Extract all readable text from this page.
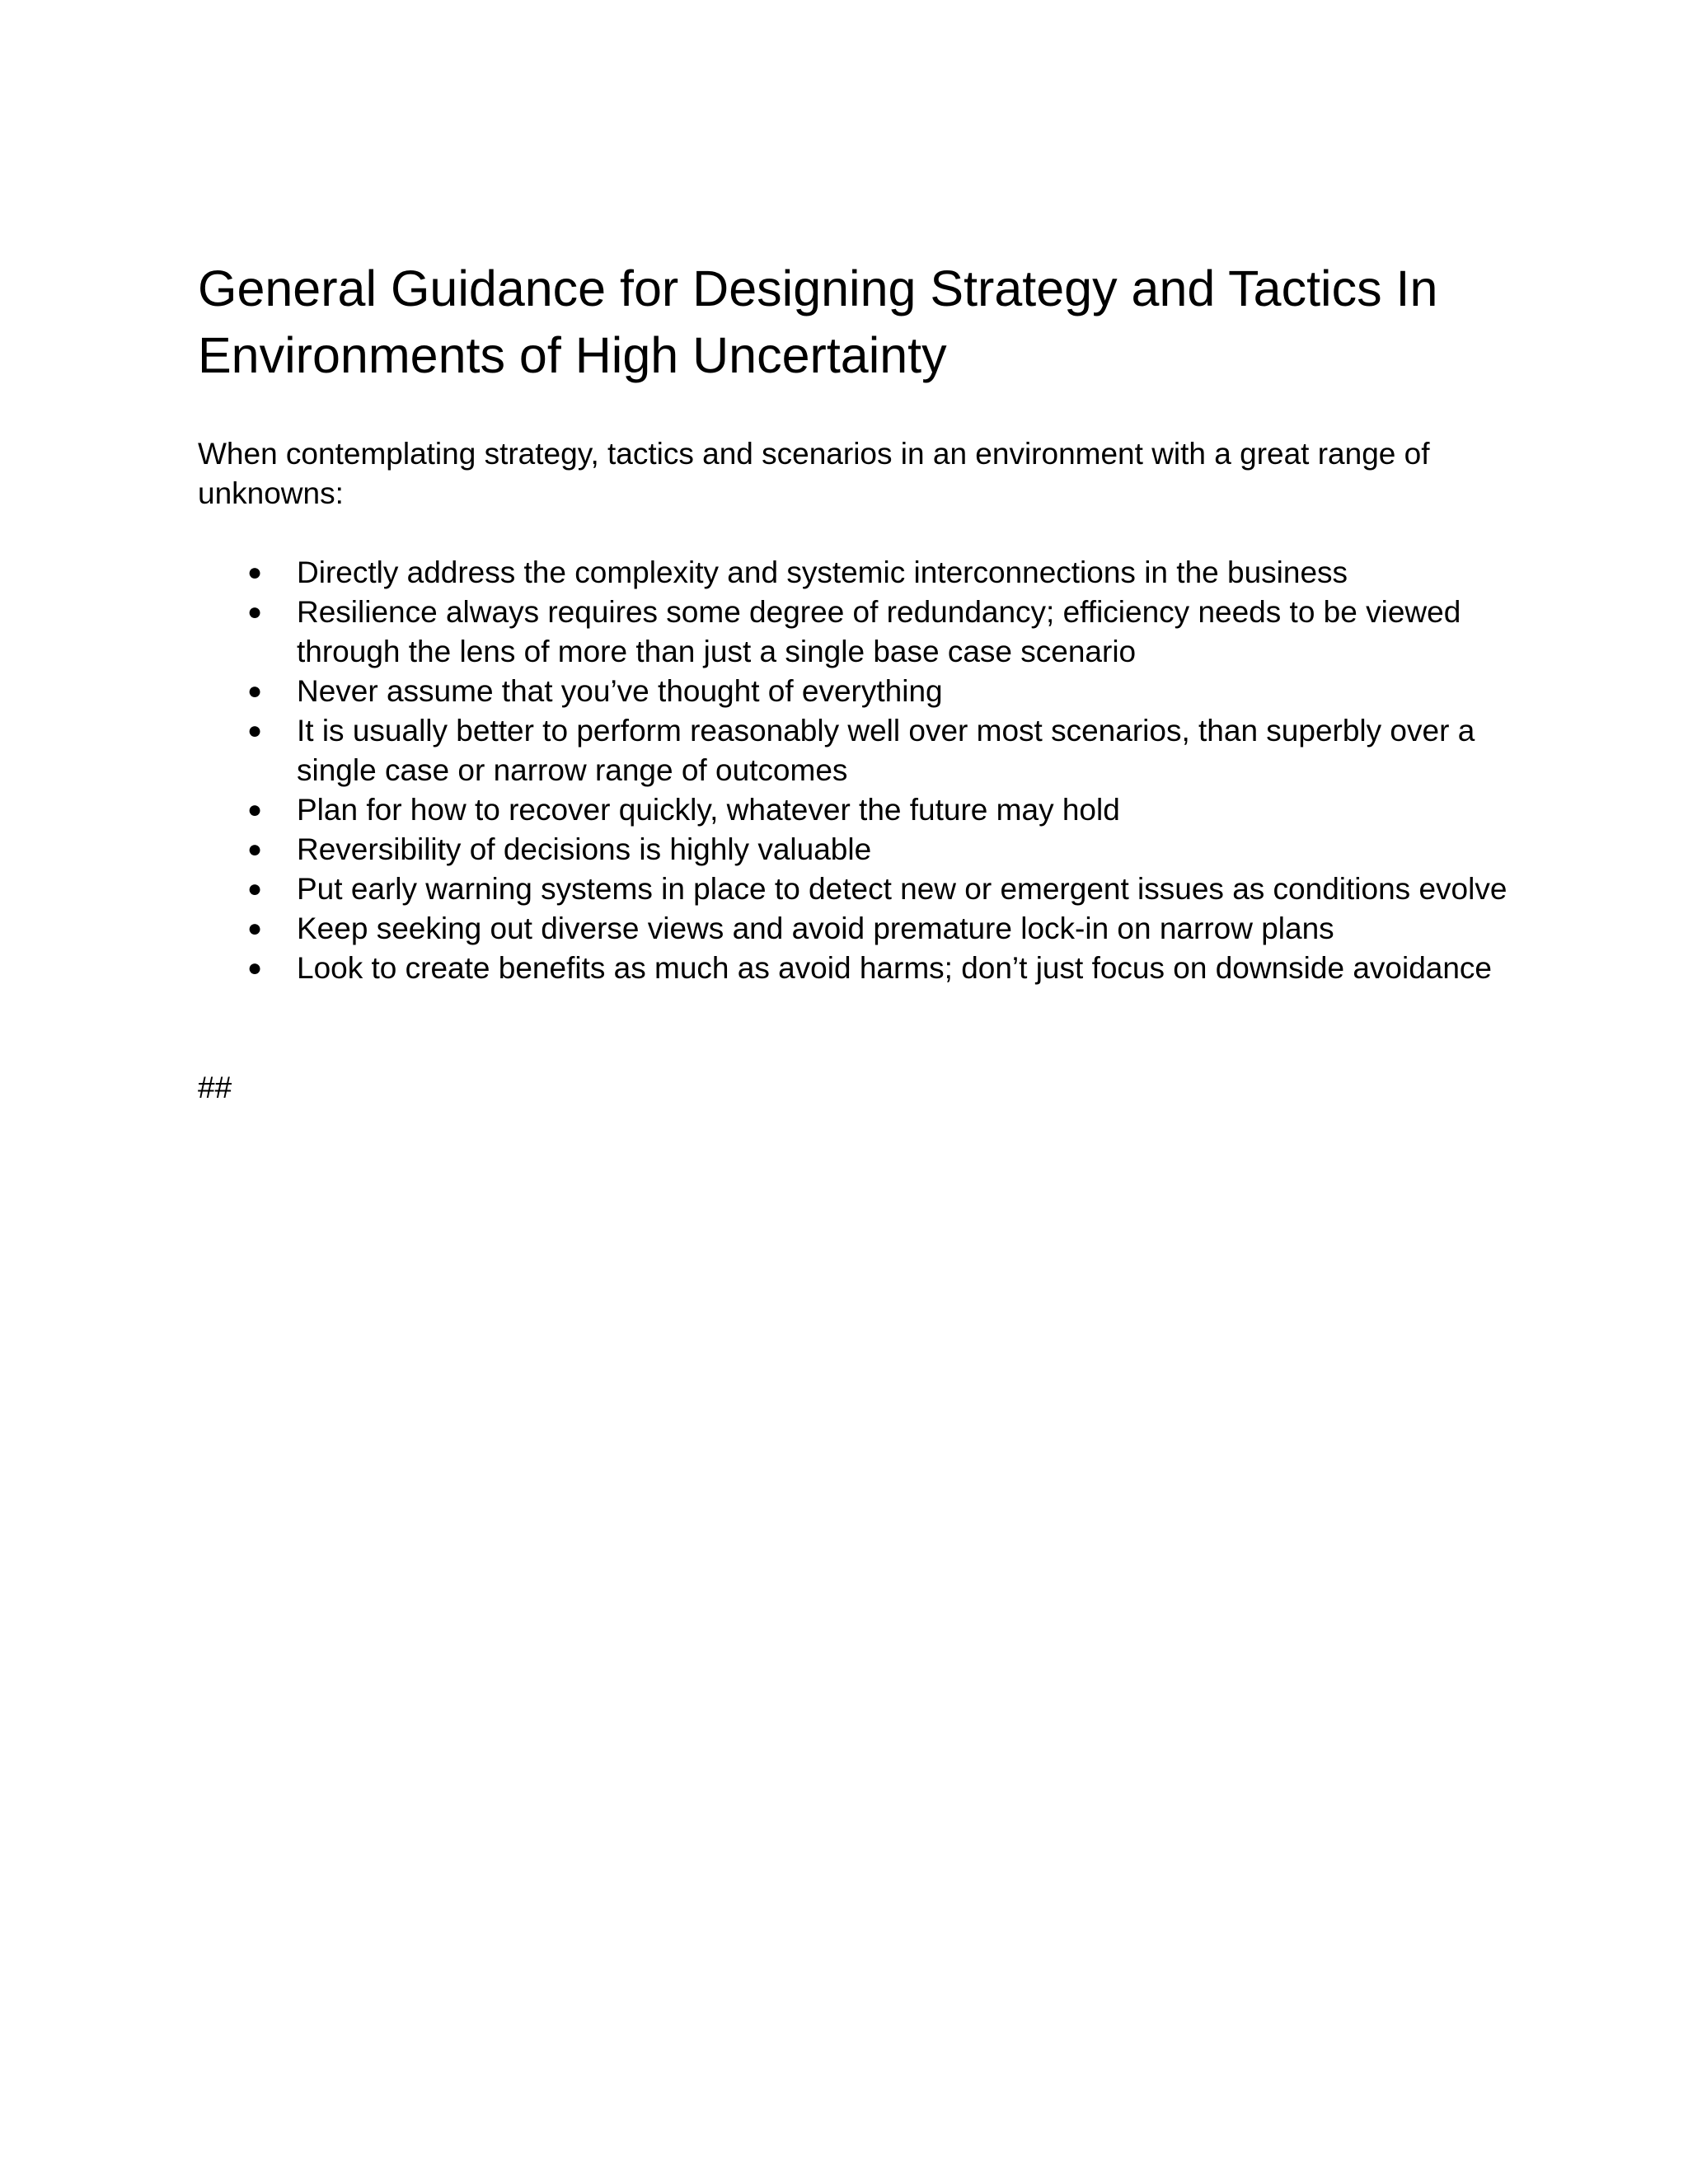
General Guidance for Designing Strategy and Tactics In Environments of High Uncertainty

When contemplating strategy, tactics and scenarios in an environment with a great range of unknowns:

●	Directly address the complexity and systemic interconnections in the business
●	Resilience always requires some degree of redundancy; efficiency needs to be viewed through the lens of more than just a single base case scenario
●	Never assume that you’ve thought of everything
●	It is usually better to perform reasonably well over most scenarios, than superbly over a single case or narrow range of outcomes
●	Plan for how to recover quickly, whatever the future may hold
●	Reversibility of decisions is highly valuable
●	Put early warning systems in place to detect new or emergent issues as conditions evolve
●	Keep seeking out diverse views and avoid premature lock-in on narrow plans
●	Look to create benefits as much as avoid harms; don’t just focus on downside avoidance

##
